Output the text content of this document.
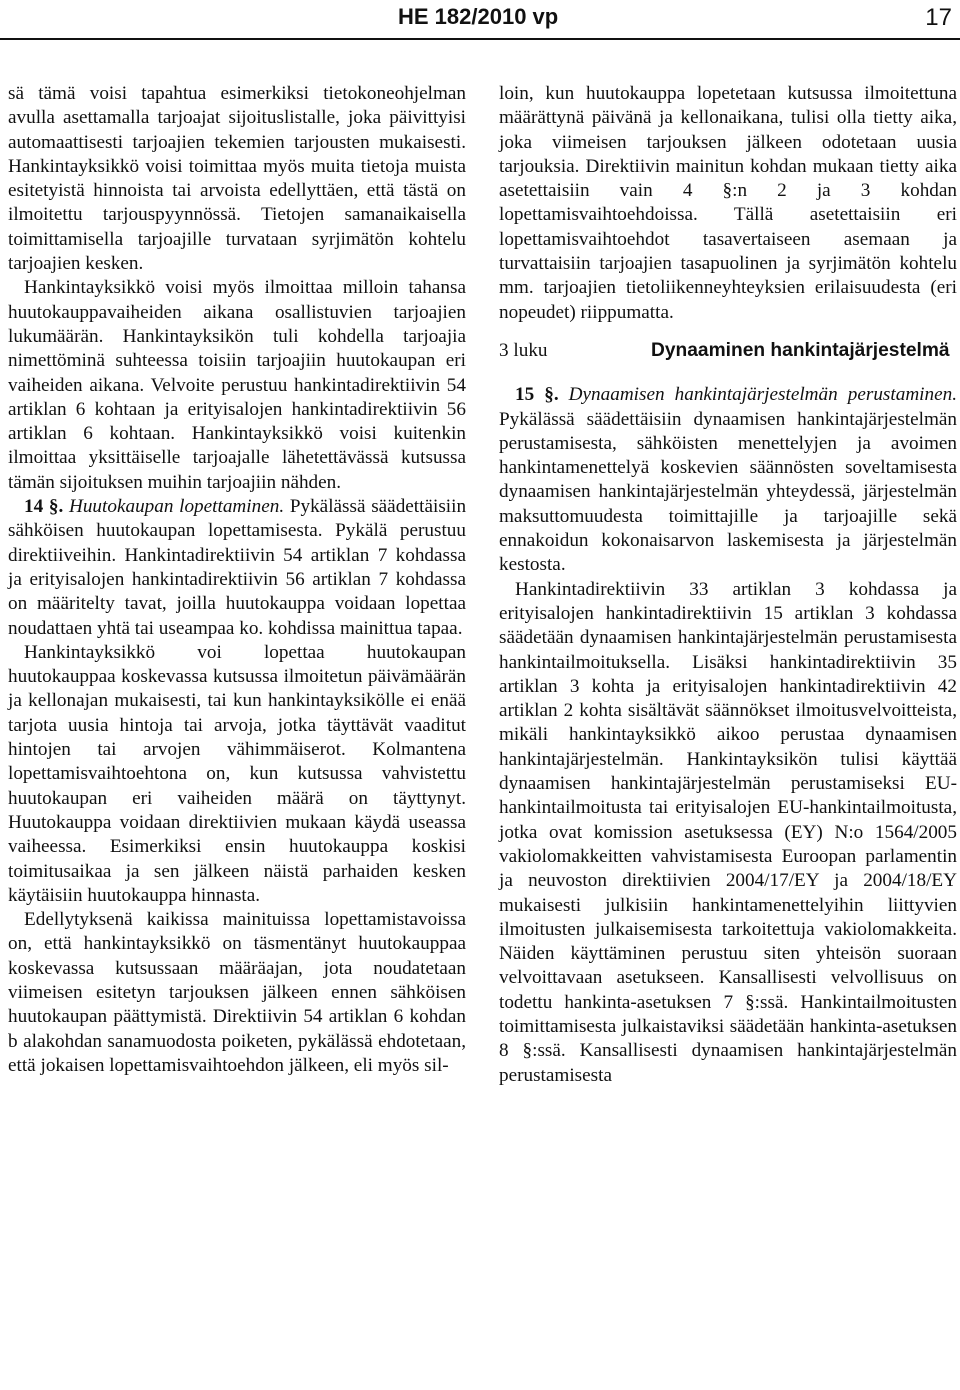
HE 182/2010 vp	17

sä tämä voisi tapahtua esimerkiksi tietokoneohjelman avulla asettamalla tarjoajat sijoituslistalle, joka päivittyisi automaattisesti tarjoajien tekemien tarjousten mukaisesti. Hankintayksikkö voisi toimittaa myös muita tietoja muista esitetyistä hinnoista tai arvoista edellyttäen, että tästä on ilmoitettu tarjouspyynnössä. Tietojen samanaikaisella toimittamisella tarjoajille turvataan syrjimätön kohtelu tarjoajien kesken.

Hankintayksikkö voisi myös ilmoittaa milloin tahansa huutokauppavaiheiden aikana osallistuvien tarjoajien lukumäärän. Hankintayksikön tuli kohdella tarjoajia nimettöminä suhteessa toisiin tarjoajiin huutokaupan eri vaiheiden aikana. Velvoite perustuu hankintadirektiivin 54 artiklan 6 kohtaan ja erityisalojen hankintadirektiivin 56 artiklan 6 kohtaan. Hankintayksikkö voisi kuitenkin ilmoittaa yksittäiselle tarjoajalle lähetettävässä kutsussa tämän sijoituksen muihin tarjoajiin nähden.

14 §. Huutokaupan lopettaminen. Pykälässä säädettäisiin sähköisen huutokaupan lopettamisesta. Pykälä perustuu direktiiveihin. Hankintadirektiivin 54 artiklan 7 kohdassa ja erityisalojen hankintadirektiivin 56 artiklan 7 kohdassa on määritelty tavat, joilla huutokauppa voidaan lopettaa noudattaen yhtä tai useampaa ko. kohdissa mainittua tapaa.

Hankintayksikkö voi lopettaa huutokaupan huutokauppaa koskevassa kutsussa ilmoitetun päivämäärän ja kellonajan mukaisesti, tai kun hankintayksikölle ei enää tarjota uusia hintoja tai arvoja, jotka täyttävät vaaditut hintojen tai arvojen vähimmäiserot. Kolmantena lopettamisvaihtoehtona on, kun kutsussa vahvistettu huutokaupan eri vaiheiden määrä on täyttynyt. Huutokauppa voidaan direktiivien mukaan käydä useassa vaiheessa. Esimerkiksi ensin huutokauppa koskisi toimitusaikaa ja sen jälkeen näistä parhaiden kesken käytäisiin huutokauppa hinnasta.

Edellytyksenä kaikissa mainituissa lopettamistavoissa on, että hankintayksikkö on täsmentänyt huutokauppaa koskevassa kutsussaan määräajan, jota noudatetaan viimeisen esitetyn tarjouksen jälkeen ennen sähköisen huutokaupan päättymistä. Direktiivin 54 artiklan 6 kohdan b alakohdan sanamuodosta poiketen, pykälässä ehdotetaan, että jokaisen lopettamisvaihtoehdon jälkeen, eli myös sil-

loin, kun huutokauppa lopetetaan kutsussa ilmoitettuna määrättynä päivänä ja kellonaikana, tulisi olla tietty aika, joka viimeisen tarjouksen jälkeen odotetaan uusia tarjouksia. Direktiivin mainitun kohdan mukaan tietty aika asetettaisiin vain 4 §:n 2 ja 3 kohdan lopettamisvaihtoehdoissa. Tällä asetettaisiin eri lopettamisvaihtoehdot tasavertaiseen asemaan ja turvattaisiin tarjoajien tasapuolinen ja syrjimätön kohtelu mm. tarjoajien tietoliikenneyhteyksien erilaisuudesta (eri nopeudet) riippumatta.

3 luku	Dynaaminen hankintajärjestelmä

15 §. Dynaamisen hankintajärjestelmän perustaminen. Pykälässä säädettäisiin dynaamisen hankintajärjestelmän perustamisesta, sähköisten menettelyjen ja avoimen hankintamenettelyä koskevien säännösten soveltamisesta dynaamisen hankintajärjestelmän yhteydessä, järjestelmän maksuttomuudesta toimittajille ja tarjoajille sekä ennakoidun kokonaisarvon laskemisesta ja järjestelmän kestosta.

Hankintadirektiivin 33 artiklan 3 kohdassa ja erityisalojen hankintadirektiivin 15 artiklan 3 kohdassa säädetään dynaamisen hankintajärjestelmän perustamisesta hankintailmoituksella. Lisäksi hankintadirektiivin 35 artiklan 3 kohta ja erityisalojen hankintadirektiivin 42 artiklan 2 kohta sisältävät säännökset ilmoitusvelvoitteista, mikäli hankintayksikkö aikoo perustaa dynaamisen hankintajärjestelmän. Hankintayksikön tulisi käyttää dynaamisen hankintajärjestelmän perustamiseksi EU-hankintailmoitusta tai erityisalojen EU-hankintailmoitusta, jotka ovat komission asetuksessa (EY) N:o 1564/2005 vakiolomakkeitten vahvistamisesta Euroopan parlamentin ja neuvoston direktiivien 2004/17/EY ja 2004/18/EY mukaisesti julkisiin hankintamenettelyihin liittyvien ilmoitusten julkaisemisesta tarkoitettuja vakiolomakkeita. Näiden käyttäminen perustuu siten yhteisön suoraan velvoittavaan asetukseen. Kansallisesti velvollisuus on todettu hankinta-asetuksen 7 §:ssä. Hankintailmoitusten toimittamisesta julkaistaviksi säädetään hankinta-asetuksen 8 §:ssä. Kansallisesti dynaamisen hankintajärjestelmän perustamisesta
